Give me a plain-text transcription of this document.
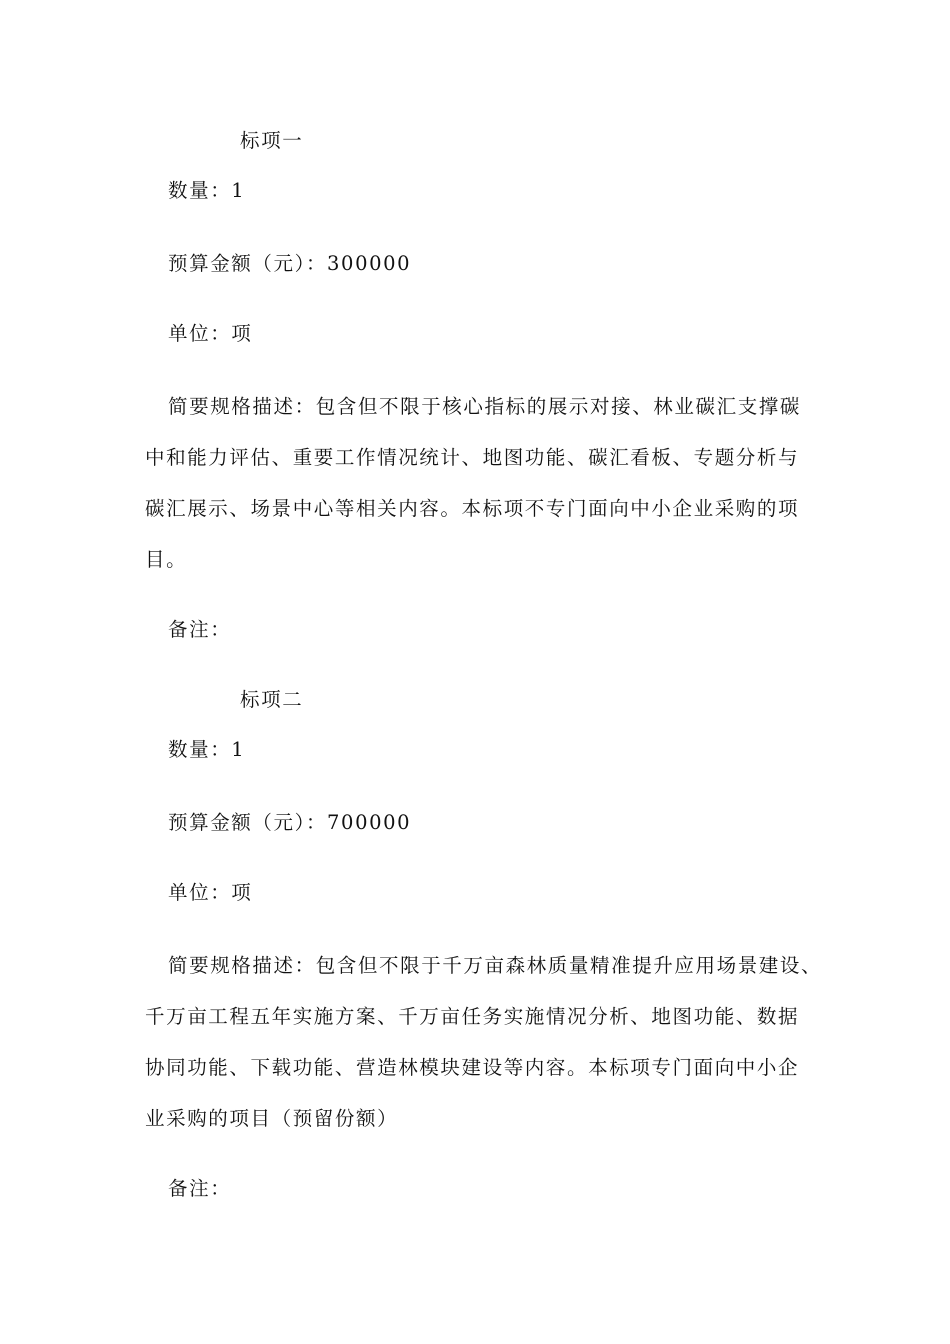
标项一

数量：1

预算金额（元）：300000

单位：项

简要规格描述：包含但不限于核心指标的展示对接、林业碳汇支撑碳
中和能力评估、重要工作情况统计、地图功能、碳汇看板、专题分析与
碳汇展示、场景中心等相关内容。本标项不专门面向中小企业采购的项
目。

备注：

标项二

数量：1

预算金额（元）：700000

单位：项

简要规格描述：包含但不限于千万亩森林质量精准提升应用场景建设、
千万亩工程五年实施方案、千万亩任务实施情况分析、地图功能、数据
协同功能、下载功能、营造林模块建设等内容。本标项专门面向中小企
业采购的项目（预留份额）

备注：
